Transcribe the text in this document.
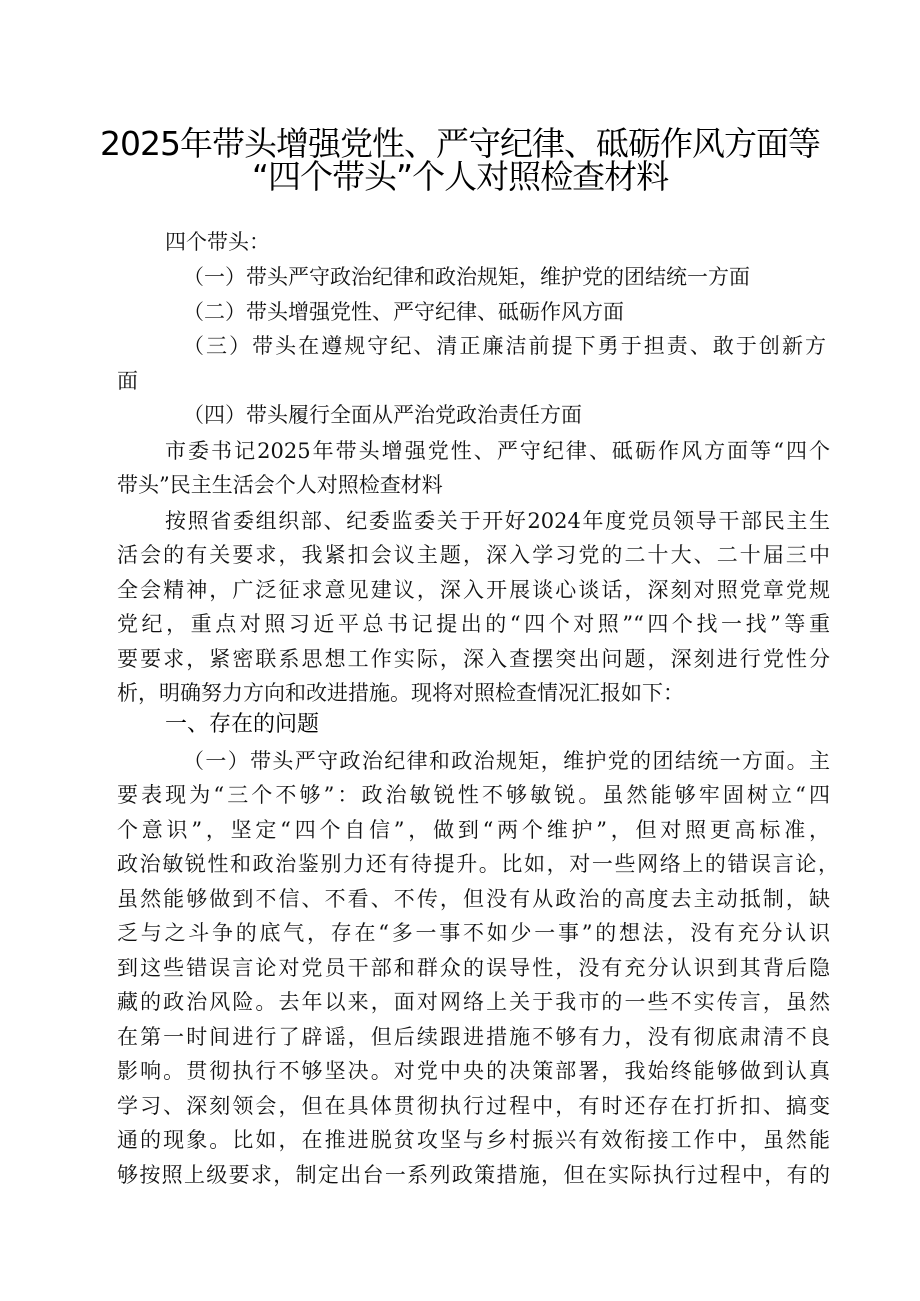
2025年带头增强党性、严守纪律、砥砺作风方面等
“四个带头”个人对照检查材料
四个带头：
（一）带头严守政治纪律和政治规矩，维护党的团结统一方面
（二）带头增强党性、严守纪律、砥砺作风方面
（三）带头在遵规守纪、清正廉洁前提下勇于担责、敢于创新方
面
（四）带头履行全面从严治党政治责任方面
市委书记2025年带头增强党性、严守纪律、砥砺作风方面等“四个
带头”民主生活会个人对照检查材料
按照省委组织部、纪委监委关于开好2024年度党员领导干部民主生
活会的有关要求，我紧扣会议主题，深入学习党的二十大、二十届三中
全会精神，广泛征求意见建议，深入开展谈心谈话，深刻对照党章党规
党纪，重点对照习近平总书记提出的“四个对照”“四个找一找”等重
要要求，紧密联系思想工作实际，深入查摆突出问题，深刻进行党性分
析，明确努力方向和改进措施。现将对照检查情况汇报如下：
一、存在的问题
（一）带头严守政治纪律和政治规矩，维护党的团结统一方面。主
要表现为“三个不够”：政治敏锐性不够敏锐。虽然能够牢固树立“四
个意识”，坚定“四个自信”，做到“两个维护”，但对照更高标准，
政治敏锐性和政治鉴别力还有待提升。比如，对一些网络上的错误言论，
虽然能够做到不信、不看、不传，但没有从政治的高度去主动抵制，缺
乏与之斗争的底气，存在“多一事不如少一事”的想法，没有充分认识
到这些错误言论对党员干部和群众的误导性，没有充分认识到其背后隐
藏的政治风险。去年以来，面对网络上关于我市的一些不实传言，虽然
在第一时间进行了辟谣，但后续跟进措施不够有力，没有彻底肃清不良
影响。贯彻执行不够坚决。对党中央的决策部署，我始终能够做到认真
学习、深刻领会，但在具体贯彻执行过程中，有时还存在打折扣、搞变
通的现象。比如，在推进脱贫攻坚与乡村振兴有效衔接工作中，虽然能
够按照上级要求，制定出台一系列政策措施，但在实际执行过程中，有的
